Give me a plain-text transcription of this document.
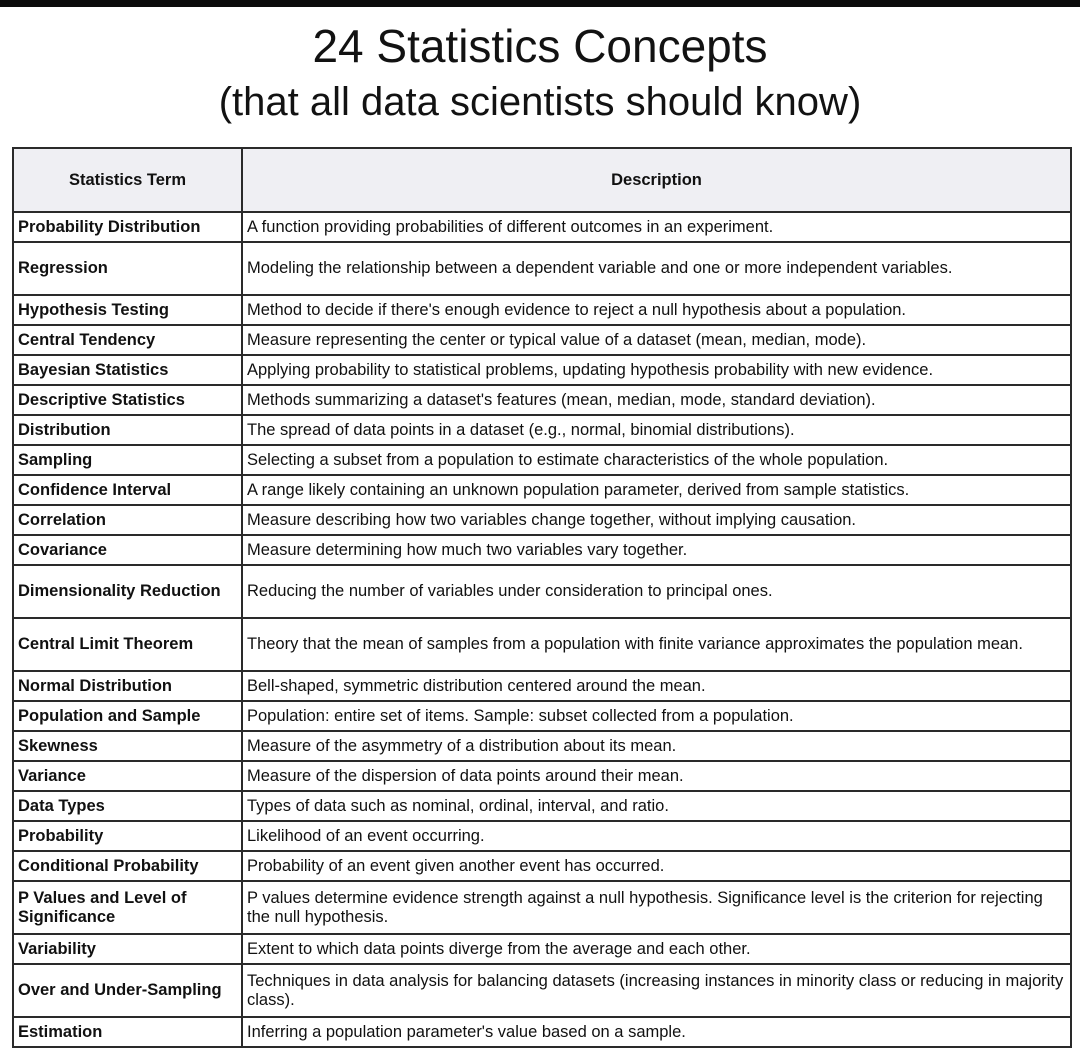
24 Statistics Concepts
(that all data scientists should know)
Statistics Term	Description
Probability Distribution	A function providing probabilities of different outcomes in an experiment.
Regression	Modeling the relationship between a dependent variable and one or more independent variables.
Hypothesis Testing	Method to decide if there's enough evidence to reject a null hypothesis about a population.
Central Tendency	Measure representing the center or typical value of a dataset (mean, median, mode).
Bayesian Statistics	Applying probability to statistical problems, updating hypothesis probability with new evidence.
Descriptive Statistics	Methods summarizing a dataset's features (mean, median, mode, standard deviation).
Distribution	The spread of data points in a dataset (e.g., normal, binomial distributions).
Sampling	Selecting a subset from a population to estimate characteristics of the whole population.
Confidence Interval	A range likely containing an unknown population parameter, derived from sample statistics.
Correlation	Measure describing how two variables change together, without implying causation.
Covariance	Measure determining how much two variables vary together.
Dimensionality Reduction	Reducing the number of variables under consideration to principal ones.
Central Limit Theorem	Theory that the mean of samples from a population with finite variance approximates the population mean.
Normal Distribution	Bell-shaped, symmetric distribution centered around the mean.
Population and Sample	Population: entire set of items. Sample: subset collected from a population.
Skewness	Measure of the asymmetry of a distribution about its mean.
Variance	Measure of the dispersion of data points around their mean.
Data Types	Types of data such as nominal, ordinal, interval, and ratio.
Probability	Likelihood of an event occurring.
Conditional Probability	Probability of an event given another event has occurred.
P Values and Level of Significance	P values determine evidence strength against a null hypothesis. Significance level is the criterion for rejecting the null hypothesis.
Variability	Extent to which data points diverge from the average and each other.
Over and Under-Sampling	Techniques in data analysis for balancing datasets (increasing instances in minority class or reducing in majority class).
Estimation	Inferring a population parameter's value based on a sample.
